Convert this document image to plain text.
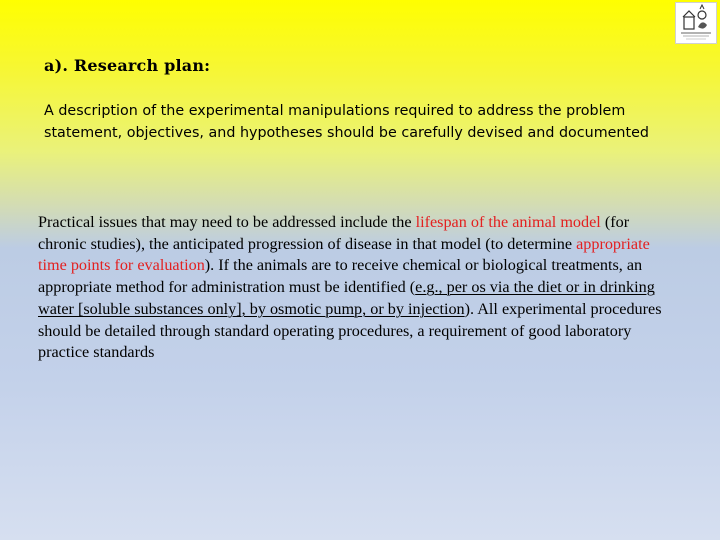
a). Research plan:

A description of the experimental manipulations required to address the problem statement, objectives, and hypotheses should be carefully devised and documented

Practical issues that may need to be addressed include the lifespan of the animal model (for chronic studies), the anticipated progression of disease in that model (to determine appropriate time points for evaluation). If the animals are to receive chemical or biological treatments, an appropriate method for administration must be identified (e.g., per os via the diet or in drinking water [soluble substances only], by osmotic pump, or by injection). All experimental procedures should be detailed through standard operating procedures, a requirement of good laboratory practice standards
